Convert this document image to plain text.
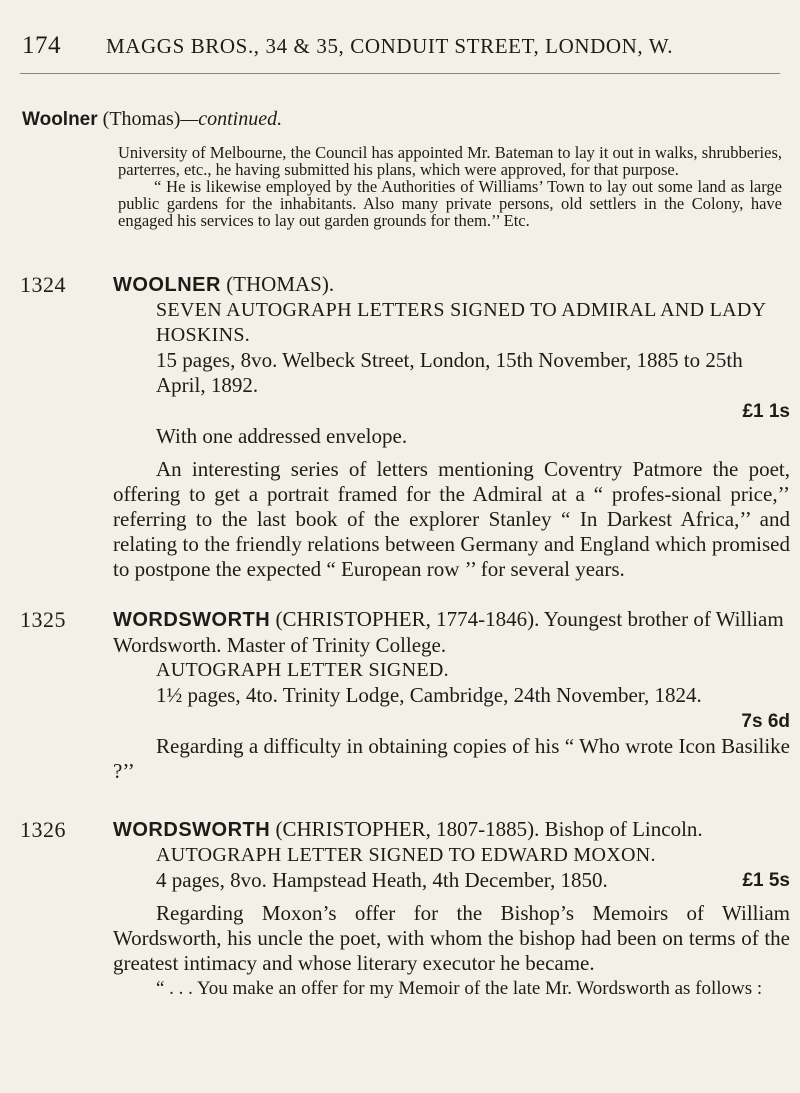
174 MAGGS BROS., 34 & 35, CONDUIT STREET, LONDON, W.
Woolner (Thomas)—continued.

University of Melbourne, the Council has appointed Mr. Bateman to lay it out in walks, shrubberies, parterres, etc., he having submitted his plans, which were approved, for that purpose.

“ He is likewise employed by the Authorities of Williams’ Town to lay out some land as large public gardens for the inhabitants. Also many private persons, old settlers in the Colony, have engaged his services to lay out garden grounds for them.’’ Etc.

1324 WOOLNER (THOMAS).

SEVEN AUTOGRAPH LETTERS SIGNED TO ADMIRAL AND LADY HOSKINS.

15 pages, 8vo. Welbeck Street, London, 15th November, 1885 to 25th April, 1892.

£1 1s

With one addressed envelope.

An interesting series of letters mentioning Coventry Patmore the poet, offering to get a portrait framed for the Admiral at a “ profes-sional price,’’ referring to the last book of the explorer Stanley “ In Darkest Africa,’’ and relating to the friendly relations between Germany and England which promised to postpone the expected “ European row ’’ for several years.

1325 WORDSWORTH (CHRISTOPHER, 1774-1846). Youngest brother of William Wordsworth. Master of Trinity College.

AUTOGRAPH LETTER SIGNED.

1½ pages, 4to. Trinity Lodge, Cambridge, 24th November, 1824.

7s 6d

Regarding a difficulty in obtaining copies of his “ Who wrote Icon Basilike ?’’

1326 WORDSWORTH (CHRISTOPHER, 1807-1885). Bishop of Lincoln.

AUTOGRAPH LETTER SIGNED TO EDWARD MOXON.

4 pages, 8vo. Hampstead Heath, 4th December, 1850.	£1 5s

Regarding Moxon’s offer for the Bishop’s Memoirs of William Wordsworth, his uncle the poet, with whom the bishop had been on terms of the greatest intimacy and whose literary executor he became.

“ . . . You make an offer for my Memoir of the late Mr. Wordsworth as follows :
